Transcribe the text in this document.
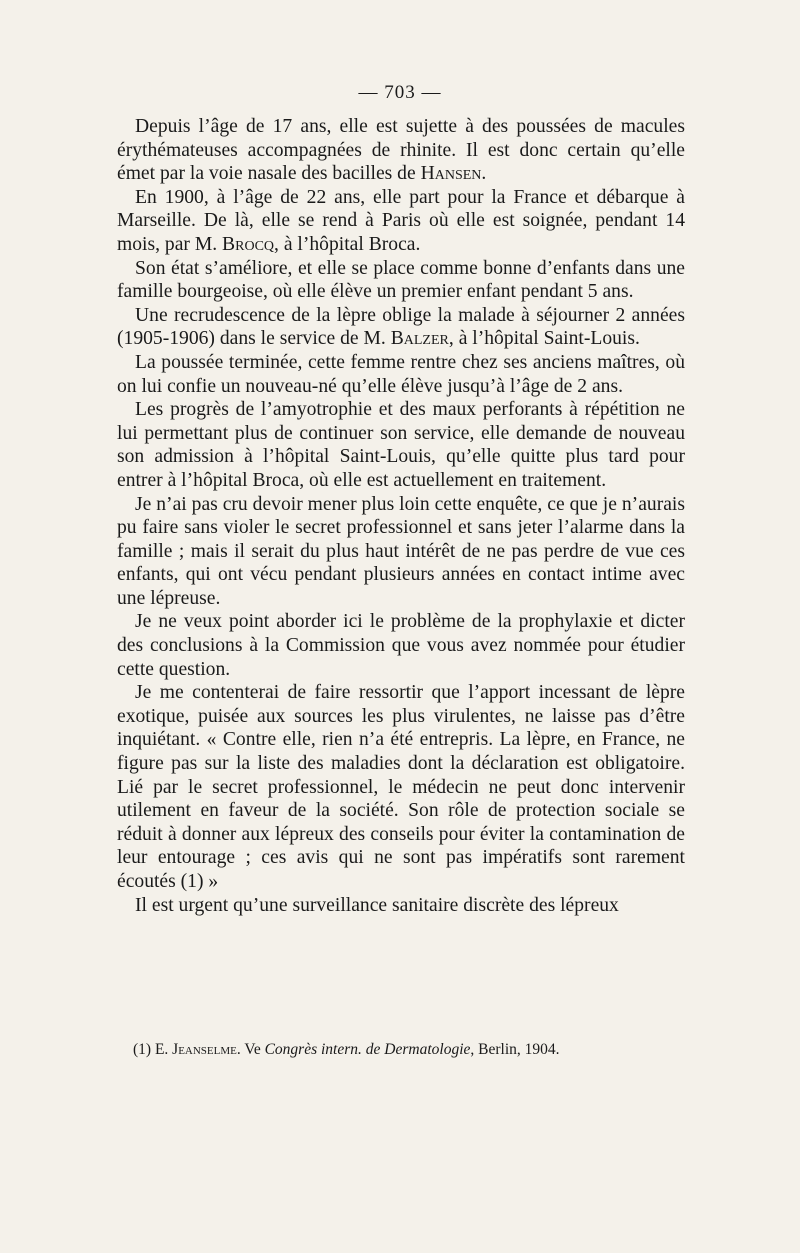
— 703 —

Depuis l’âge de 17 ans, elle est sujette à des poussées de macules érythémateuses accompagnées de rhinite. Il est donc certain qu’elle émet par la voie nasale des bacilles de Hansen.

En 1900, à l’âge de 22 ans, elle part pour la France et débarque à Marseille. De là, elle se rend à Paris où elle est soignée, pendant 14 mois, par M. Brocq, à l’hôpital Broca.

Son état s’améliore, et elle se place comme bonne d’enfants dans une famille bourgeoise, où elle élève un premier enfant pendant 5 ans.

Une recrudescence de la lèpre oblige la malade à séjourner 2 années (1905-1906) dans le service de M. Balzer, à l’hôpital Saint-Louis.

La poussée terminée, cette femme rentre chez ses anciens maîtres, où on lui confie un nouveau-né qu’elle élève jusqu’à l’âge de 2 ans.

Les progrès de l’amyotrophie et des maux perforants à répétition ne lui permettant plus de continuer son service, elle demande de nouveau son admission à l’hôpital Saint-Louis, qu’elle quitte plus tard pour entrer à l’hôpital Broca, où elle est actuellement en traitement.

Je n’ai pas cru devoir mener plus loin cette enquête, ce que je n’aurais pu faire sans violer le secret professionnel et sans jeter l’alarme dans la famille ; mais il serait du plus haut intérêt de ne pas perdre de vue ces enfants, qui ont vécu pendant plusieurs années en contact intime avec une lépreuse.

Je ne veux point aborder ici le problème de la prophylaxie et dicter des conclusions à la Commission que vous avez nommée pour étudier cette question.

Je me contenterai de faire ressortir que l’apport incessant de lèpre exotique, puisée aux sources les plus virulentes, ne laisse pas d’être inquiétant. « Contre elle, rien n’a été entrepris. La lèpre, en France, ne figure pas sur la liste des maladies dont la déclaration est obligatoire. Lié par le secret professionnel, le médecin ne peut donc intervenir utilement en faveur de la société. Son rôle de protection sociale se réduit à donner aux lépreux des conseils pour éviter la contamination de leur entourage ; ces avis qui ne sont pas impératifs sont rarement écoutés (1) »

Il est urgent qu’une surveillance sanitaire discrète des lépreux

(1) E. Jeanselme. Ve Congrès intern. de Dermatologie, Berlin, 1904.
